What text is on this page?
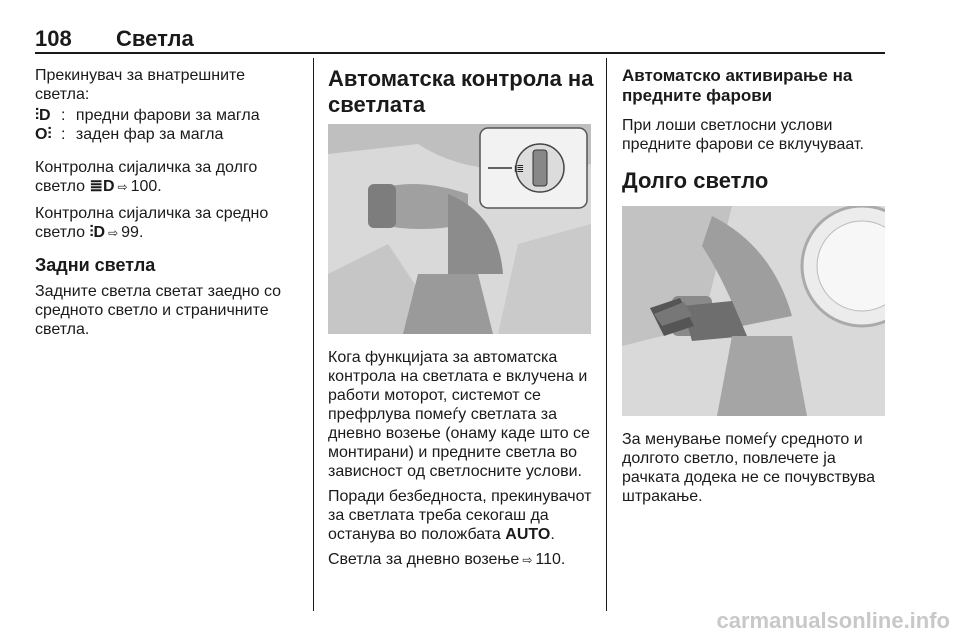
108 Светла

Прекинувач за внатрешните светла:

⫶D : предни фарови за магла
O⫶ : заден фар за магла

Контролна сијаличка за долго светло ≣D ⇨ 100.

Контролна сијаличка за средно светло ⫶D ⇨ 99.

Задни светла

Задните светла светат заедно со средното светло и страничните светла.

Автоматска контрола на светлата

I≣

Кога функцијата за автоматска контрола на светлата е вклучена и работи моторот, системот се префрлува помеѓу светлата за дневно возење (онаму каде што се монтирани) и предните светла во зависност од светлосните услови.

Поради безбедноста, прекинувачот за светлата треба секогаш да останува во положбата AUTO.

Светла за дневно возење ⇨ 110.

Автоматско активирање на предните фарови

При лоши светлосни услови предните фарови се вклучуваат.

Долго светло

За менување помеѓу средното и долгото светло, повлечете ја рачката додека не се почувствува штракање.

carmanualsonline.info
